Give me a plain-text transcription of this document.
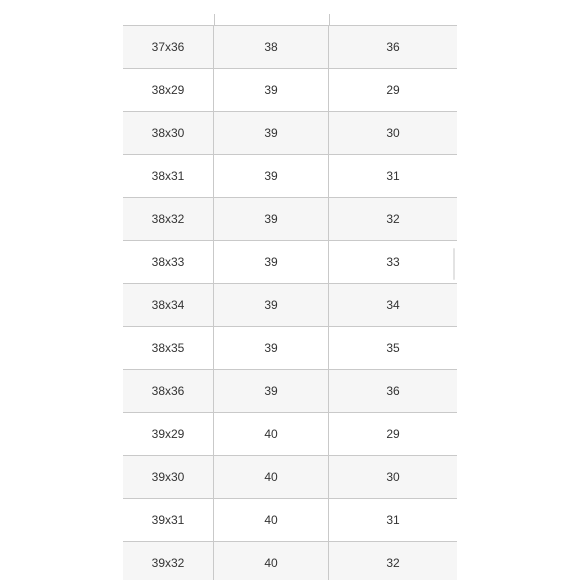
37x36	38	36
38x29	39	29
38x30	39	30
38x31	39	31
38x32	39	32
38x33	39	33
38x34	39	34
38x35	39	35
38x36	39	36
39x29	40	29
39x30	40	30
39x31	40	31
39x32	40	32
